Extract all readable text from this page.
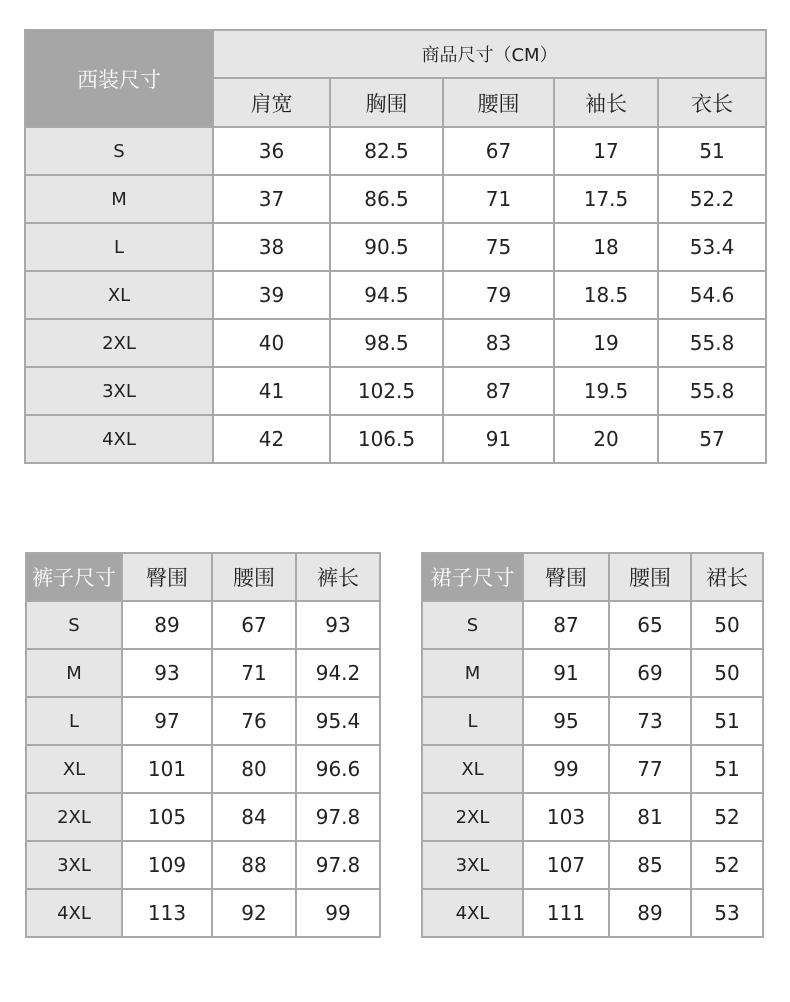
西装尺寸	商品尺寸（CM）				
	肩宽	胸围	腰围	袖长	衣长
S	36	82.5	67	17	51
M	37	86.5	71	17.5	52.2
L	38	90.5	75	18	53.4
XL	39	94.5	79	18.5	54.6
2XL	40	98.5	83	19	55.8
3XL	41	102.5	87	19.5	55.8
4XL	42	106.5	91	20	57
裤子尺寸	臀围	腰围	裤长
S	89	67	93
M	93	71	94.2
L	97	76	95.4
XL	101	80	96.6
2XL	105	84	97.8
3XL	109	88	97.8
4XL	113	92	99
裙子尺寸	臀围	腰围	裙长
S	87	65	50
M	91	69	50
L	95	73	51
XL	99	77	51
2XL	103	81	52
3XL	107	85	52
4XL	111	89	53
